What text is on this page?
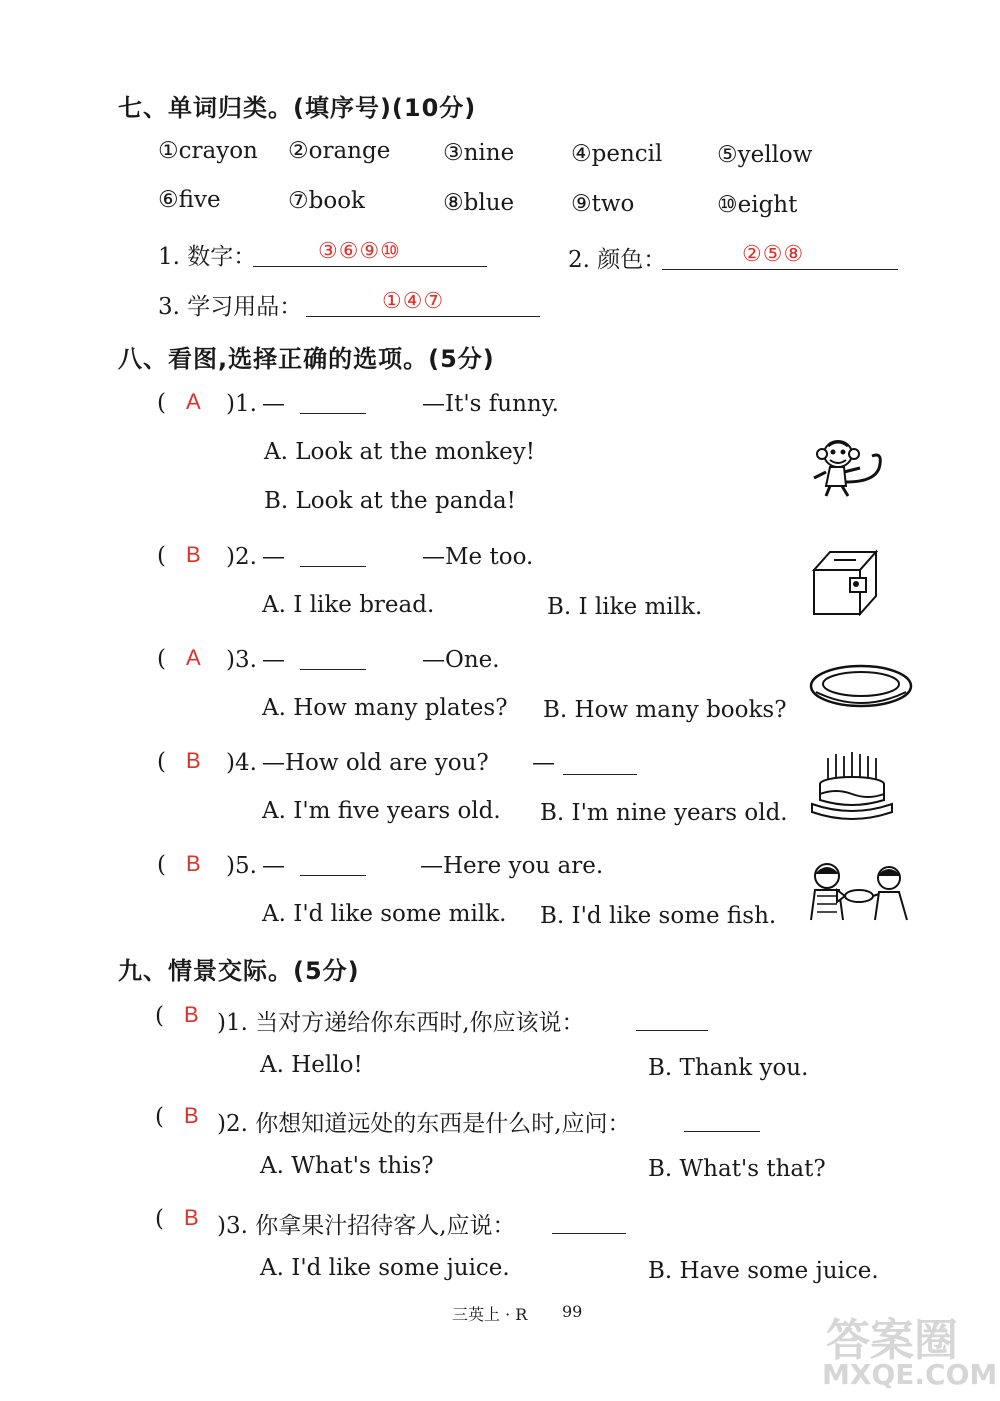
七、单词归类。(填序号)(10分)
①crayon ②orange ③nine ④pencil ⑤yellow
⑥five	⑦book	⑧blue ⑨two	⑩eight
1. 数字：	③⑥⑨⑩	2. 颜色：	②⑤⑧
3. 学习用品：	①④⑦
八、看图,选择正确的选项。(5分)
( A )1. —	—It's funny.
A. Look at the monkey!
B. Look at the panda!
( B )2. —	—Me too.
A. I like bread.	B. I like milk.
( A )3. —	—One.
A. How many plates? B. How many books?
( B )4. —How old are you? —
A. I'm five years old. B. I'm nine years old.
( B )5. —	—Here you are.
A. I'd like some milk. B. I'd like some fish.
九、情景交际。(5分)
( B )1. 当对方递给你东西时,你应该说：
A. Hello!	B. Thank you.
( B )2. 你想知道远处的东西是什么时,应问：
A. What's this?	B. What's that?
( B )3. 你拿果汁招待客人,应说：
A. I'd like some juice.	B. Have some juice.
三英上 · R 99
答案圈
MXQE.COM
